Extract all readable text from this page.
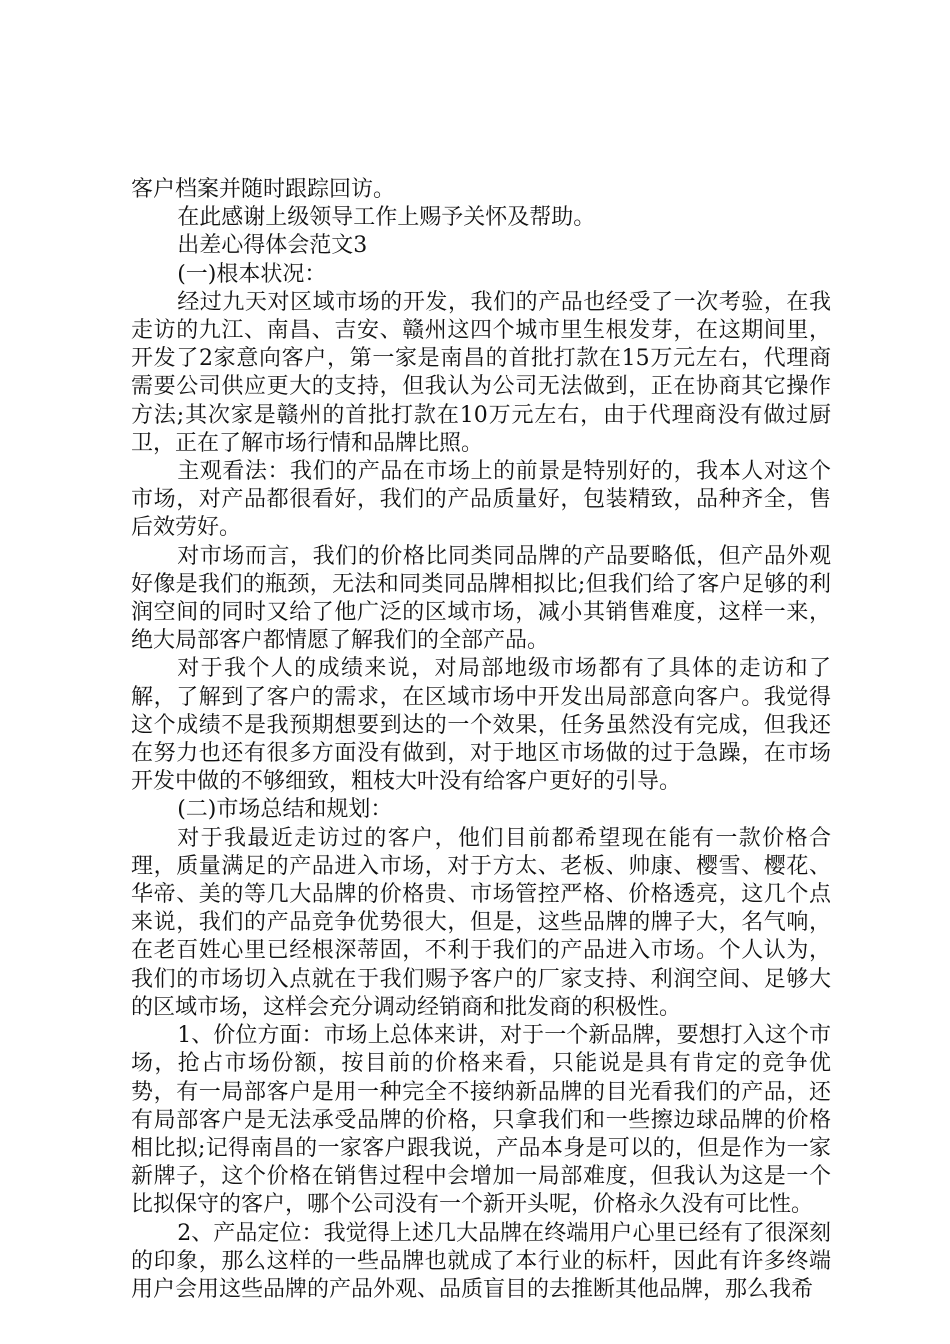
客户档案并随时跟踪回访。

在此感谢上级领导工作上赐予关怀及帮助。

出差心得体会范文3

(一)根本状况：

经过九天对区域市场的开发，我们的产品也经受了一次考验，在我走访的九江、南昌、吉安、赣州这四个城市里生根发芽，在这期间里，开发了2家意向客户，第一家是南昌的首批打款在15万元左右，代理商需要公司供应更大的支持，但我认为公司无法做到，正在协商其它操作方法;其次家是赣州的首批打款在10万元左右，由于代理商没有做过厨卫，正在了解市场行情和品牌比照。

主观看法：我们的产品在市场上的前景是特别好的，我本人对这个市场，对产品都很看好，我们的产品质量好，包装精致，品种齐全，售后效劳好。

对市场而言，我们的价格比同类同品牌的产品要略低，但产品外观好像是我们的瓶颈，无法和同类同品牌相拟比;但我们给了客户足够的利润空间的同时又给了他广泛的区域市场，减小其销售难度，这样一来，绝大局部客户都情愿了解我们的全部产品。

对于我个人的成绩来说，对局部地级市场都有了具体的走访和了解，了解到了客户的需求，在区域市场中开发出局部意向客户。我觉得这个成绩不是我预期想要到达的一个效果，任务虽然没有完成，但我还在努力也还有很多方面没有做到，对于地区市场做的过于急躁，在市场开发中做的不够细致，粗枝大叶没有给客户更好的引导。

(二)市场总结和规划：

对于我最近走访过的客户，他们目前都希望现在能有一款价格合理，质量满足的产品进入市场，对于方太、老板、帅康、樱雪、樱花、华帝、美的等几大品牌的价格贵、市场管控严格、价格透亮，这几个点来说，我们的产品竞争优势很大，但是，这些品牌的牌子大，名气响，在老百姓心里已经根深蒂固，不利于我们的产品进入市场。个人认为，我们的市场切入点就在于我们赐予客户的厂家支持、利润空间、足够大的区域市场，这样会充分调动经销商和批发商的积极性。

1、价位方面：市场上总体来讲，对于一个新品牌，要想打入这个市场，抢占市场份额，按目前的价格来看，只能说是具有肯定的竞争优势，有一局部客户是用一种完全不接纳新品牌的目光看我们的产品，还有局部客户是无法承受品牌的价格，只拿我们和一些擦边球品牌的价格相比拟;记得南昌的一家客户跟我说，产品本身是可以的，但是作为一家新牌子，这个价格在销售过程中会增加一局部难度，但我认为这是一个比拟保守的客户，哪个公司没有一个新开头呢，价格永久没有可比性。

2、产品定位：我觉得上述几大品牌在终端用户心里已经有了很深刻的印象，那么这样的一些品牌也就成了本行业的标杆，因此有许多终端用户会用这些品牌的产品外观、品质盲目的去推断其他品牌，那么我希
